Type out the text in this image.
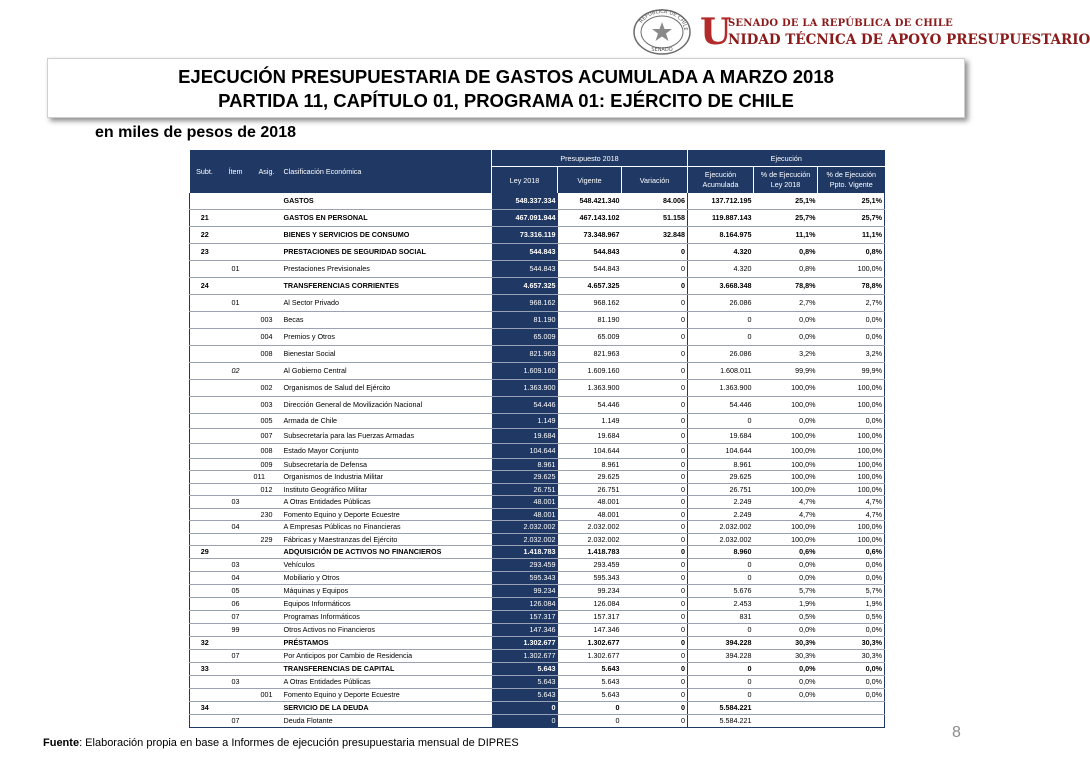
REPUBLICA DE CHILE
SENADO U
SENADO DE LA REPÚBLICA DE CHILE
NIDAD TÉCNICA DE APOYO PRESUPUESTARIO
EJECUCIÓN PRESUPUESTARIA DE GASTOS ACUMULADA A MARZO 2018
PARTIDA 11, CAPÍTULO 01, PROGRAMA 01: EJÉRCITO DE CHILE
en miles de pesos de 2018
Subt.	Ítem	Asig.	Clasificación Económica	Presupuesto 2018			Ejecución		
				Ley 2018	Vigente	Variación	Ejecución Acumulada	% de Ejecución Ley 2018	% de Ejecución Ppto. Vigente
			GASTOS	548.337.334	548.421.340	84.006	137.712.195	25,1%	25,1%
21			GASTOS EN PERSONAL	467.091.944	467.143.102	51.158	119.887.143	25,7%	25,7%
22			BIENES Y SERVICIOS DE CONSUMO	73.316.119	73.348.967	32.848	8.164.975	11,1%	11,1%
23			PRESTACIONES DE SEGURIDAD SOCIAL	544.843	544.843	0	4.320	0,8%	0,8%
	01		Prestaciones Previsionales	544.843	544.843	0	4.320	0,8%	100,0%
24			TRANSFERENCIAS CORRIENTES	4.657.325	4.657.325	0	3.668.348	78,8%	78,8%
	01		Al Sector Privado	968.162	968.162	0	26.086	2,7%	2,7%
		003	Becas	81.190	81.190	0	0	0,0%	0,0%
		004	Premios y Otros	65.009	65.009	0	0	0,0%	0,0%
		008	Bienestar Social	821.963	821.963	0	26.086	3,2%	3,2%
	02		Al Gobierno Central	1.609.160	1.609.160	0	1.608.011	99,9%	99,9%
		002	Organismos de Salud del Ejército	1.363.900	1.363.900	0	1.363.900	100,0%	100,0%
		003	Dirección General de Movilización Nacional	54.446	54.446	0	54.446	100,0%	100,0%
		005	Armada de Chile	1.149	1.149	0	0	0,0%	0,0%
		007	Subsecretaría para las Fuerzas Armadas	19.684	19.684	0	19.684	100,0%	100,0%
		008	Estado Mayor Conjunto	104.644	104.644	0	104.644	100,0%	100,0%
		009	Subsecretaría de Defensa	8.961	8.961	0	8.961	100,0%	100,0%
		011	Organismos de Industria Militar	29.625	29.625	0	29.625	100,0%	100,0%
		012	Instituto Geográfico Militar	26.751	26.751	0	26.751	100,0%	100,0%
	03		A Otras Entidades Públicas	48.001	48.001	0	2.249	4,7%	4,7%
		230	Fomento Equino y Deporte Ecuestre	48.001	48.001	0	2.249	4,7%	4,7%
	04		A Empresas Públicas no Financieras	2.032.002	2.032.002	0	2.032.002	100,0%	100,0%
		229	Fábricas y Maestranzas del Ejército	2.032.002	2.032.002	0	2.032.002	100,0%	100,0%
29			ADQUISICIÓN DE ACTIVOS NO FINANCIEROS	1.418.783	1.418.783	0	8.960	0,6%	0,6%
	03		Vehículos	293.459	293.459	0	0	0,0%	0,0%
	04		Mobiliario y Otros	595.343	595.343	0	0	0,0%	0,0%
	05		Máquinas y Equipos	99.234	99.234	0	5.676	5,7%	5,7%
	06		Equipos Informáticos	126.084	126.084	0	2.453	1,9%	1,9%
	07		Programas Informáticos	157.317	157.317	0	831	0,5%	0,5%
	99		Otros Activos no Financieros	147.346	147.346	0	0	0,0%	0,0%
32			PRÉSTAMOS	1.302.677	1.302.677	0	394.228	30,3%	30,3%
	07		Por Anticipos por Cambio de Residencia	1.302.677	1.302.677	0	394.228	30,3%	30,3%
33			TRANSFERENCIAS DE CAPITAL	5.643	5.643	0	0	0,0%	0,0%
	03		A Otras Entidades Públicas	5.643	5.643	0	0	0,0%	0,0%
		001	Fomento Equino y Deporte Ecuestre	5.643	5.643	0	0	0,0%	0,0%
34			SERVICIO DE LA DEUDA	0	0	0	5.584.221		
	07		Deuda Flotante	0	0	0	5.584.221		
8
Fuente: Elaboración propia en base a Informes de ejecución presupuestaria mensual de DIPRES
